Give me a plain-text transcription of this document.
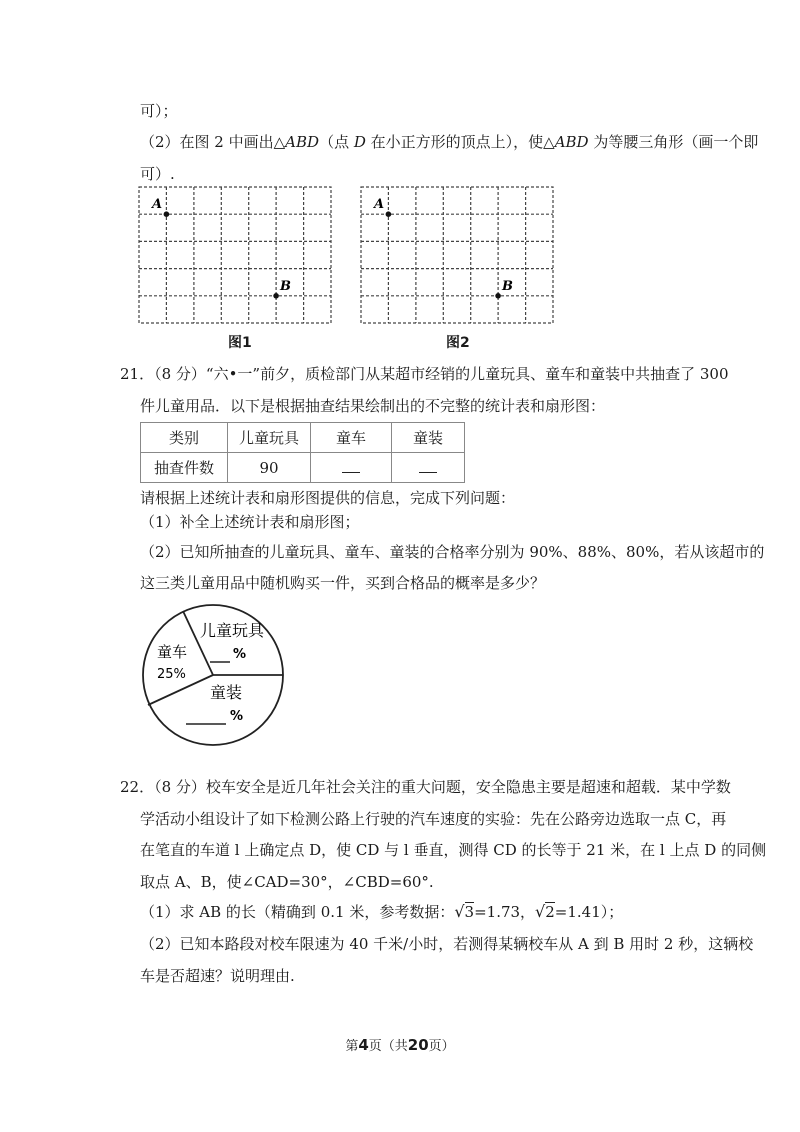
可）；
（2）在图 2 中画出△ABD（点 D 在小正方形的顶点上），使△ABD 为等腰三角形（画一个即
可）.
A
B
图1
A
B
图2
21．（8 分）“六•一”前夕，质检部门从某超市经销的儿童玩具、童车和童装中共抽查了 300
件儿童用品．以下是根据抽查结果绘制出的不完整的统计表和扇形图：
类别	儿童玩具	童车	童装
抽查件数	90		
请根据上述统计表和扇形图提供的信息，完成下列问题：
（1）补全上述统计表和扇形图；
（2）已知所抽查的儿童玩具、童车、童装的合格率分别为 90%、88%、80%，若从该超市的
这三类儿童用品中随机购买一件，买到合格品的概率是多少？
儿童玩具
%
童车
25%
童装
%
22．（8 分）校车安全是近几年社会关注的重大问题，安全隐患主要是超速和超载．某中学数
学活动小组设计了如下检测公路上行驶的汽车速度的实验：先在公路旁边选取一点 C，再
在笔直的车道 l 上确定点 D，使 CD 与 l 垂直，测得 CD 的长等于 21 米，在 l 上点 D 的同侧
取点 A、B，使∠CAD=30°，∠CBD=60°.
（1）求 AB 的长（精确到 0.1 米，参考数据：√3=1.73，√2=1.41）；
（2）已知本路段对校车限速为 40 千米/小时，若测得某辆校车从 A 到 B 用时 2 秒，这辆校
车是否超速？说明理由.
第4页（共20页）
